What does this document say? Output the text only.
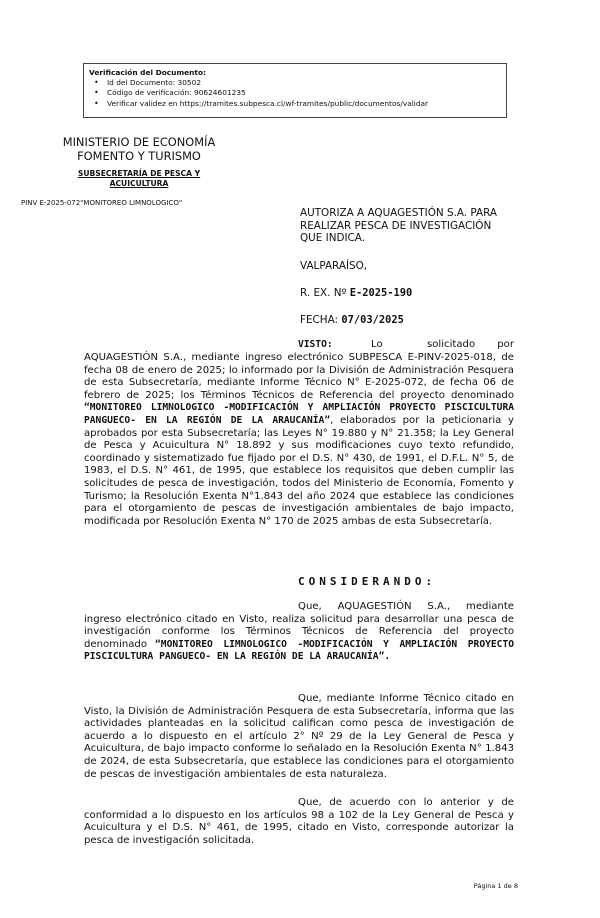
Verificación del Documento:
• Id del Documento: 30502
• Código de verificación: 90624601235
• Verificar validez en https://tramites.subpesca.cl/wf-tramites/public/documentos/validar
MINISTERIO DE ECONOMÍA
FOMENTO Y TURISMO
SUBSECRETARÍA DE PESCA Y
ACUICULTURA
PINV E-2025-072"MONITOREO LIMNOLOGICO"
AUTORIZA A AQUAGESTIÓN S.A. PARA
REALIZAR PESCA DE INVESTIGACIÓN
QUE INDICA.
VALPARAÍSO,
R. EX. Nº E-2025-190
FECHA: 07/03/2025
VISTO:	Lo	solicitado por
AQUAGESTIÓN S.A., mediante ingreso electrónico SUBPESCA E-PINV-2025-018, de fecha 08 de enero de 2025; lo informado por la División de Administración Pesquera de esta Subsecretaría, mediante Informe Técnico N° E-2025-072, de fecha 06 de febrero de 2025; los Términos Técnicos de Referencia del proyecto denominado “MONITOREO LIMNOLOGICO -MODIFICACIÓN Y AMPLIACIÓN PROYECTO PISCICULTURA PANGUECO- EN LA REGIÓN DE LA ARAUCANÍA”, elaborados por la peticionaria y aprobados por esta Subsecretaría; las Leyes N° 19.880 y N° 21.358; la Ley General de Pesca y Acuicultura N° 18.892 y sus modificaciones cuyo texto refundido, coordinado y sistematizado fue fijado por el D.S. N° 430, de 1991, el D.F.L. N° 5, de 1983, el D.S. N° 461, de 1995, que establece los requisitos que deben cumplir las solicitudes de pesca de investigación, todos del Ministerio de Economía, Fomento y Turismo; la Resolución Exenta N°1.843 del año 2024 que establece las condiciones para el otorgamiento de pescas de investigación ambientales de bajo impacto, modificada por Resolución Exenta N° 170 de 2025 ambas de esta Subsecretaría.
CONSIDERANDO:
Que, AQUAGESTIÓN S.A., mediante ingreso electrónico citado en Visto, realiza solicitud para desarrollar una pesca de investigación conforme los Términos Técnicos de Referencia del proyecto denominado “MONITOREO LIMNOLOGICO -MODIFICACIÓN Y AMPLIACIÓN PROYECTO PISCICULTURA PANGUECO- EN LA REGIÓN DE LA ARAUCANÍA”.
Que, mediante Informe Técnico citado en Visto, la División de Administración Pesquera de esta Subsecretaría, informa que las actividades planteadas en la solicitud califican como pesca de investigación de acuerdo a lo dispuesto en el artículo 2° Nº 29 de la Ley General de Pesca y Acuicultura, de bajo impacto conforme lo señalado en la Resolución Exenta N° 1.843 de 2024, de esta Subsecretaría, que establece las condiciones para el otorgamiento de pescas de investigación ambientales de esta naturaleza.
Que, de acuerdo con lo anterior y de conformidad a lo dispuesto en los artículos 98 a 102 de la Ley General de Pesca y Acuicultura y el D.S. N° 461, de 1995, citado en Visto, corresponde autorizar la pesca de investigación solicitada.
Página 1 de 8
